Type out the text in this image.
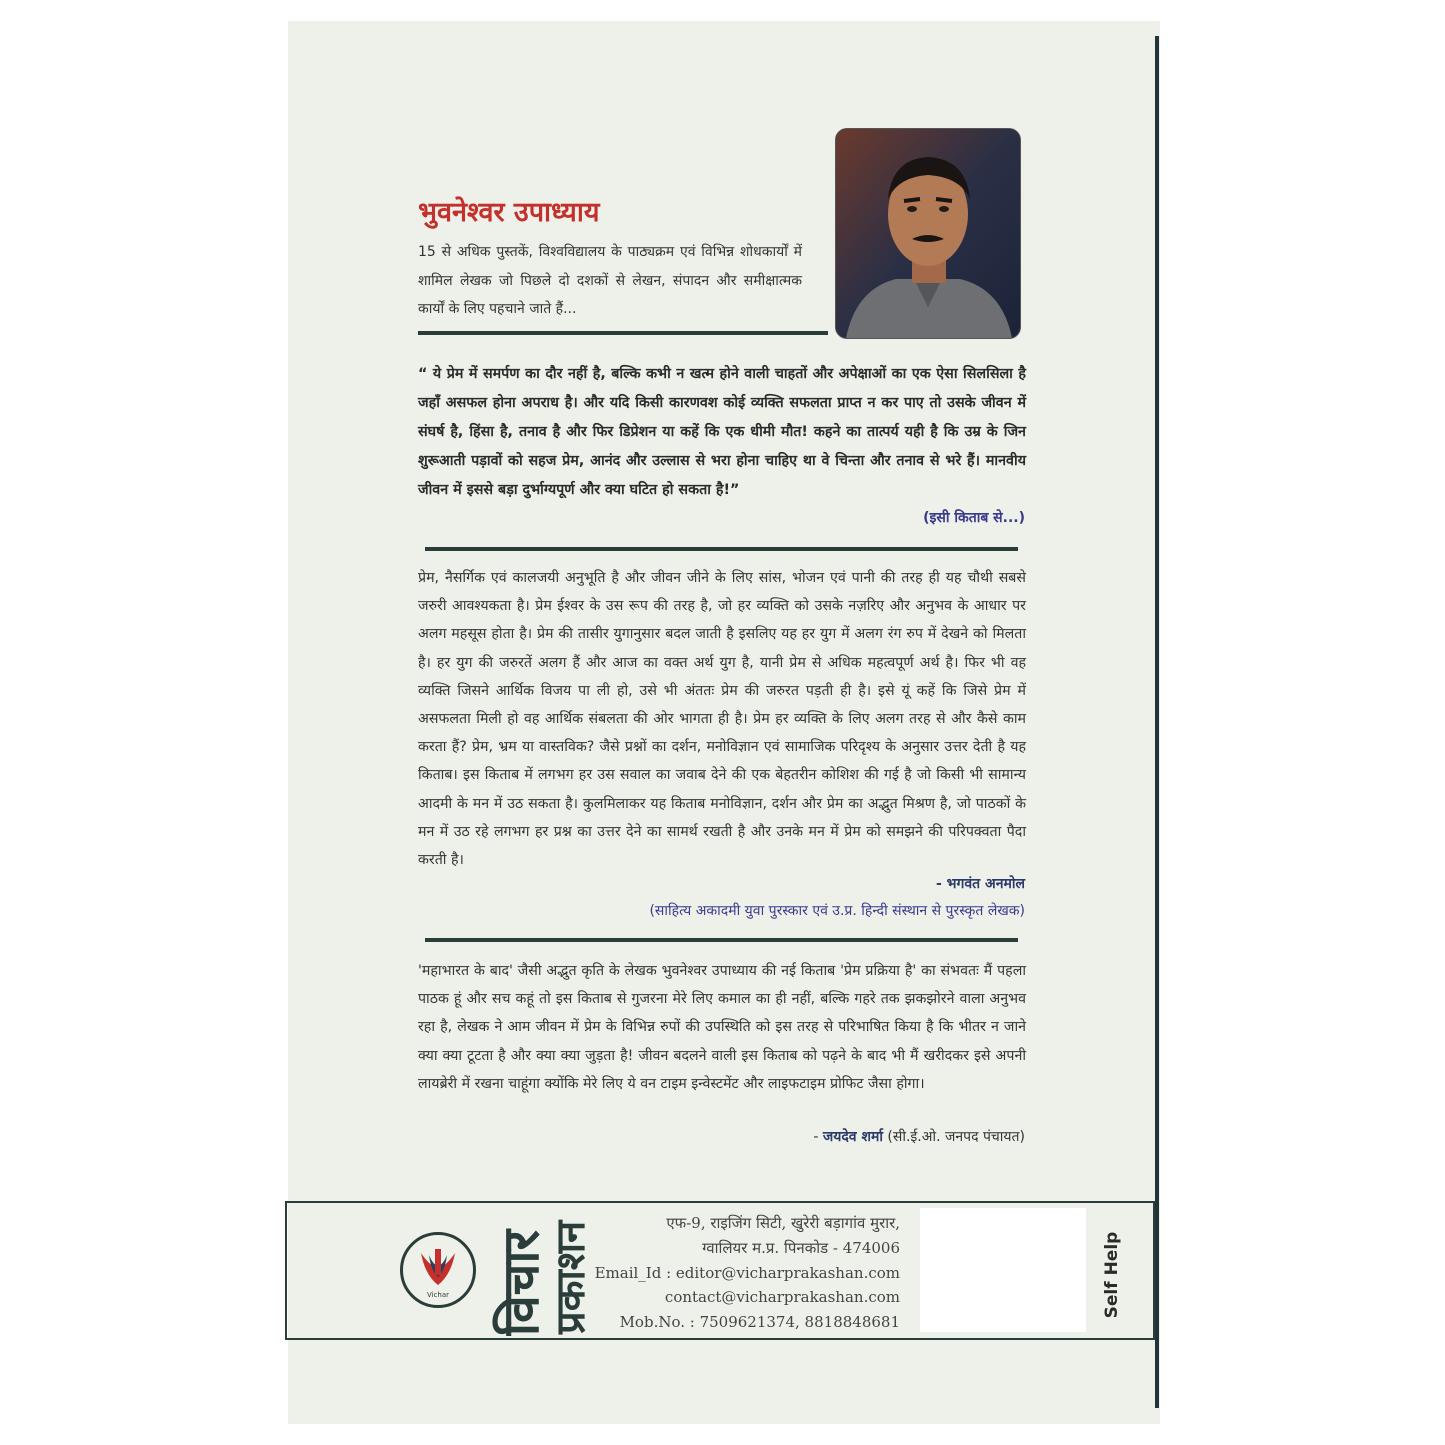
भुवनेश्वर उपाध्याय
15 से अधिक पुस्तकें, विश्वविद्यालय के पाठ्यक्रम एवं विभिन्न शोधकार्यों में शामिल लेखक जो पिछले दो दशकों से लेखन, संपादन और समीक्षात्मक कार्यों के लिए पहचाने जाते हैं...
“ ये प्रेम में समर्पण का दौर नहीं है, बल्कि कभी न खत्म होने वाली चाहतों और अपेक्षाओं का एक ऐसा सिलसिला है जहाँ असफल होना अपराध है। और यदि किसी कारणवश कोई व्यक्ति सफलता प्राप्त न कर पाए तो उसके जीवन में संघर्ष है, हिंसा है, तनाव है और फिर डिप्रेशन या कहें कि एक धीमी मौत! कहने का तात्पर्य यही है कि उम्र के जिन शुरूआती पड़ावों को सहज प्रेम, आनंद और उल्लास से भरा होना चाहिए था वे चिन्ता और तनाव से भरे हैं। मानवीय जीवन में इससे बड़ा दुर्भाग्यपूर्ण और क्या घटित हो सकता है!”
(इसी किताब से...)
प्रेम, नैसर्गिक एवं कालजयी अनुभूति है और जीवन जीने के लिए सांस, भोजन एवं पानी की तरह ही यह चौथी सबसे जरुरी आवश्यकता है। प्रेम ईश्वर के उस रूप की तरह है, जो हर व्यक्ति को उसके नज़रिए और अनुभव के आधार पर अलग महसूस होता है। प्रेम की तासीर युगानुसार बदल जाती है इसलिए यह हर युग में अलग रंग रुप में देखने को मिलता है। हर युग की जरुरतें अलग हैं और आज का वक्त अर्थ युग है, यानी प्रेम से अधिक महत्वपूर्ण अर्थ है। फिर भी वह व्यक्ति जिसने आर्थिक विजय पा ली हो, उसे भी अंततः प्रेम की जरुरत पड़ती ही है। इसे यूं कहें कि जिसे प्रेम में असफलता मिली हो वह आर्थिक संबलता की ओर भागता ही है। प्रेम हर व्यक्ति के लिए अलग तरह से और कैसे काम करता हैं? प्रेम, भ्रम या वास्तविक? जैसे प्रश्नों का दर्शन, मनोविज्ञान एवं सामाजिक परिदृश्य के अनुसार उत्तर देती है यह किताब। इस किताब में लगभग हर उस सवाल का जवाब देने की एक बेहतरीन कोशिश की गई है जो किसी भी सामान्य आदमी के मन में उठ सकता है। कुलमिलाकर यह किताब मनोविज्ञान, दर्शन और प्रेम का अद्भुत मिश्रण है, जो पाठकों के मन में उठ रहे लगभग हर प्रश्न का उत्तर देने का सामर्थ रखती है और उनके मन में प्रेम को समझने की परिपक्वता पैदा करती है।
- भगवंत अनमोल
(साहित्य अकादमी युवा पुरस्कार एवं उ.प्र. हिन्दी संस्थान से पुरस्कृत लेखक)
'महाभारत के बाद' जैसी अद्भुत कृति के लेखक भुवनेश्वर उपाध्याय की नई किताब 'प्रेम प्रक्रिया है' का संभवतः मैं पहला पाठक हूं और सच कहूं तो इस किताब से गुजरना मेरे लिए कमाल का ही नहीं, बल्कि गहरे तक झकझोरने वाला अनुभव रहा है, लेखक ने आम जीवन में प्रेम के विभिन्न रुपों की उपस्थिति को इस तरह से परिभाषित किया है कि भीतर न जाने क्या क्या टूटता है और क्या क्या जुड़ता है! जीवन बदलने वाली इस किताब को पढ़ने के बाद भी मैं खरीदकर इसे अपनी लायब्रेरी में रखना चाहूंगा क्योंकि मेरे लिए ये वन टाइम इन्वेस्टमेंट और लाइफटाइम प्रोफिट जैसा होगा।
- जयदेव शर्मा (सी.ई.ओ. जनपद पंचायत)
Vichar विचार
प्रकाशन	एफ-9, राइजिंग सिटी, खुरेरी बड़ागांव मुरार,
ग्वालियर म.प्र. पिनकोड - 474006
Email_Id : editor@vicharprakashan.com
contact@vicharprakashan.com
Mob.No. : 7509621374, 8818848681
Self Help
